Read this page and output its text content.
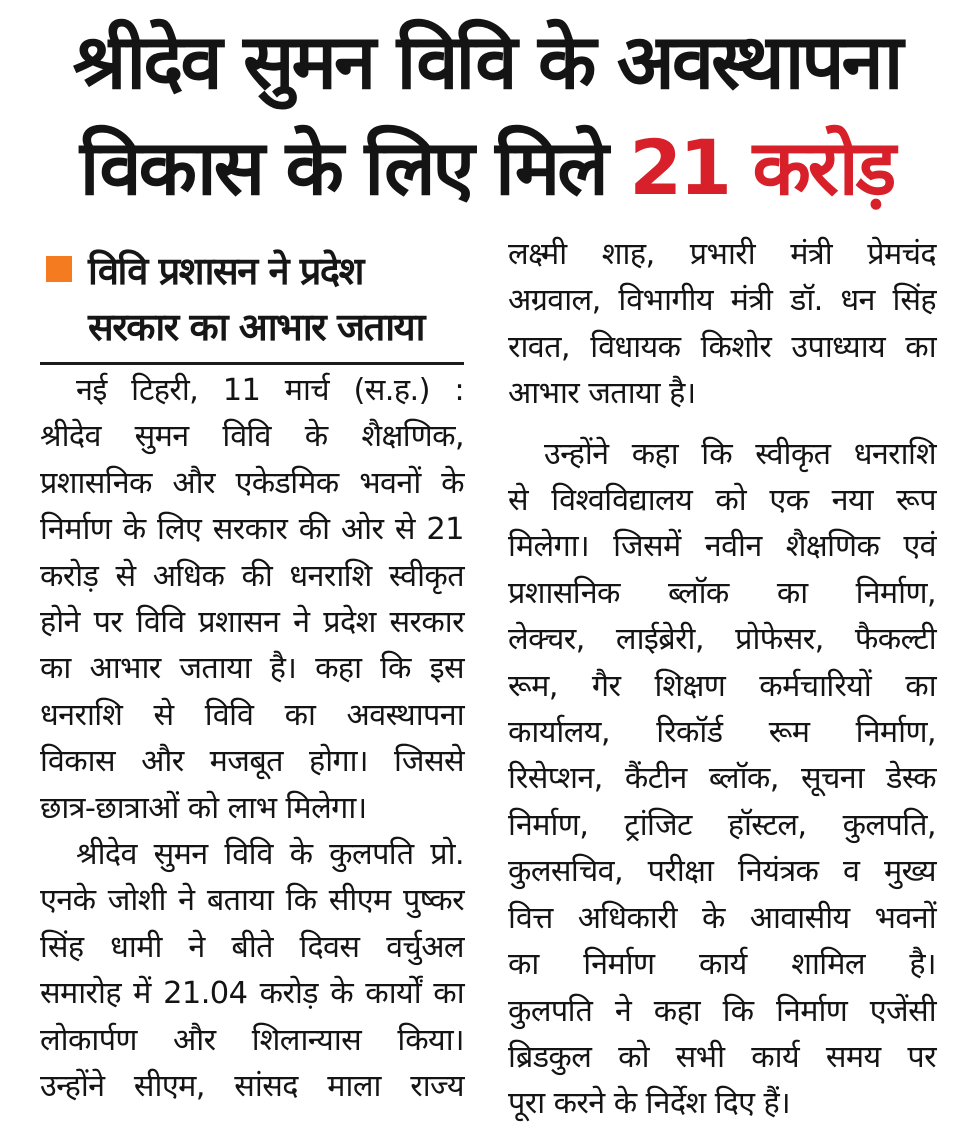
श्रीदेव सुमन विवि के अवस्थापना
विकास के लिए मिले 21 करोड़
विवि प्रशासन ने प्रदेश
सरकार का आभार जताया

नई टिहरी, 11 मार्च (स.ह.) :

श्रीदेव सुमन विवि के शैक्षणिक,

प्रशासनिक और एकेडमिक भवनों के

निर्माण के लिए सरकार की ओर से 21

करोड़ से अधिक की धनराशि स्वीकृत

होने पर विवि प्रशासन ने प्रदेश सरकार

का आभार जताया है। कहा कि इस

धनराशि से विवि का अवस्थापना

विकास और मजबूत होगा। जिससे

छात्र-छात्राओं को लाभ मिलेगा।

श्रीदेव सुमन विवि के कुलपति प्रो.

एनके जोशी ने बताया कि सीएम पुष्कर

सिंह धामी ने बीते दिवस वर्चुअल

समारोह में 21.04 करोड़ के कार्यों का

लोकार्पण और शिलान्यास किया।

उन्होंने सीएम, सांसद माला राज्य

लक्ष्मी शाह, प्रभारी मंत्री प्रेमचंद

अग्रवाल, विभागीय मंत्री डॉ. धन सिंह

रावत, विधायक किशोर उपाध्याय का

आभार जताया है।

उन्होंने कहा कि स्वीकृत धनराशि

से विश्वविद्यालय को एक नया रूप

मिलेगा। जिसमें नवीन शैक्षणिक एवं

प्रशासनिक ब्लॉक का निर्माण,

लेक्चर, लाईब्रेरी, प्रोफेसर, फैकल्टी

रूम, गैर शिक्षण कर्मचारियों का

कार्यालय, रिकॉर्ड रूम निर्माण,

रिसेप्शन, कैंटीन ब्लॉक, सूचना डेस्क

निर्माण, ट्रांजिट हॉस्टल, कुलपति,

कुलसचिव, परीक्षा नियंत्रक व मुख्य

वित्त अधिकारी के आवासीय भवनों

का निर्माण कार्य शामिल है।

कुलपति ने कहा कि निर्माण एजेंसी

ब्रिडकुल को सभी कार्य समय पर

पूरा करने के निर्देश दिए हैं।
